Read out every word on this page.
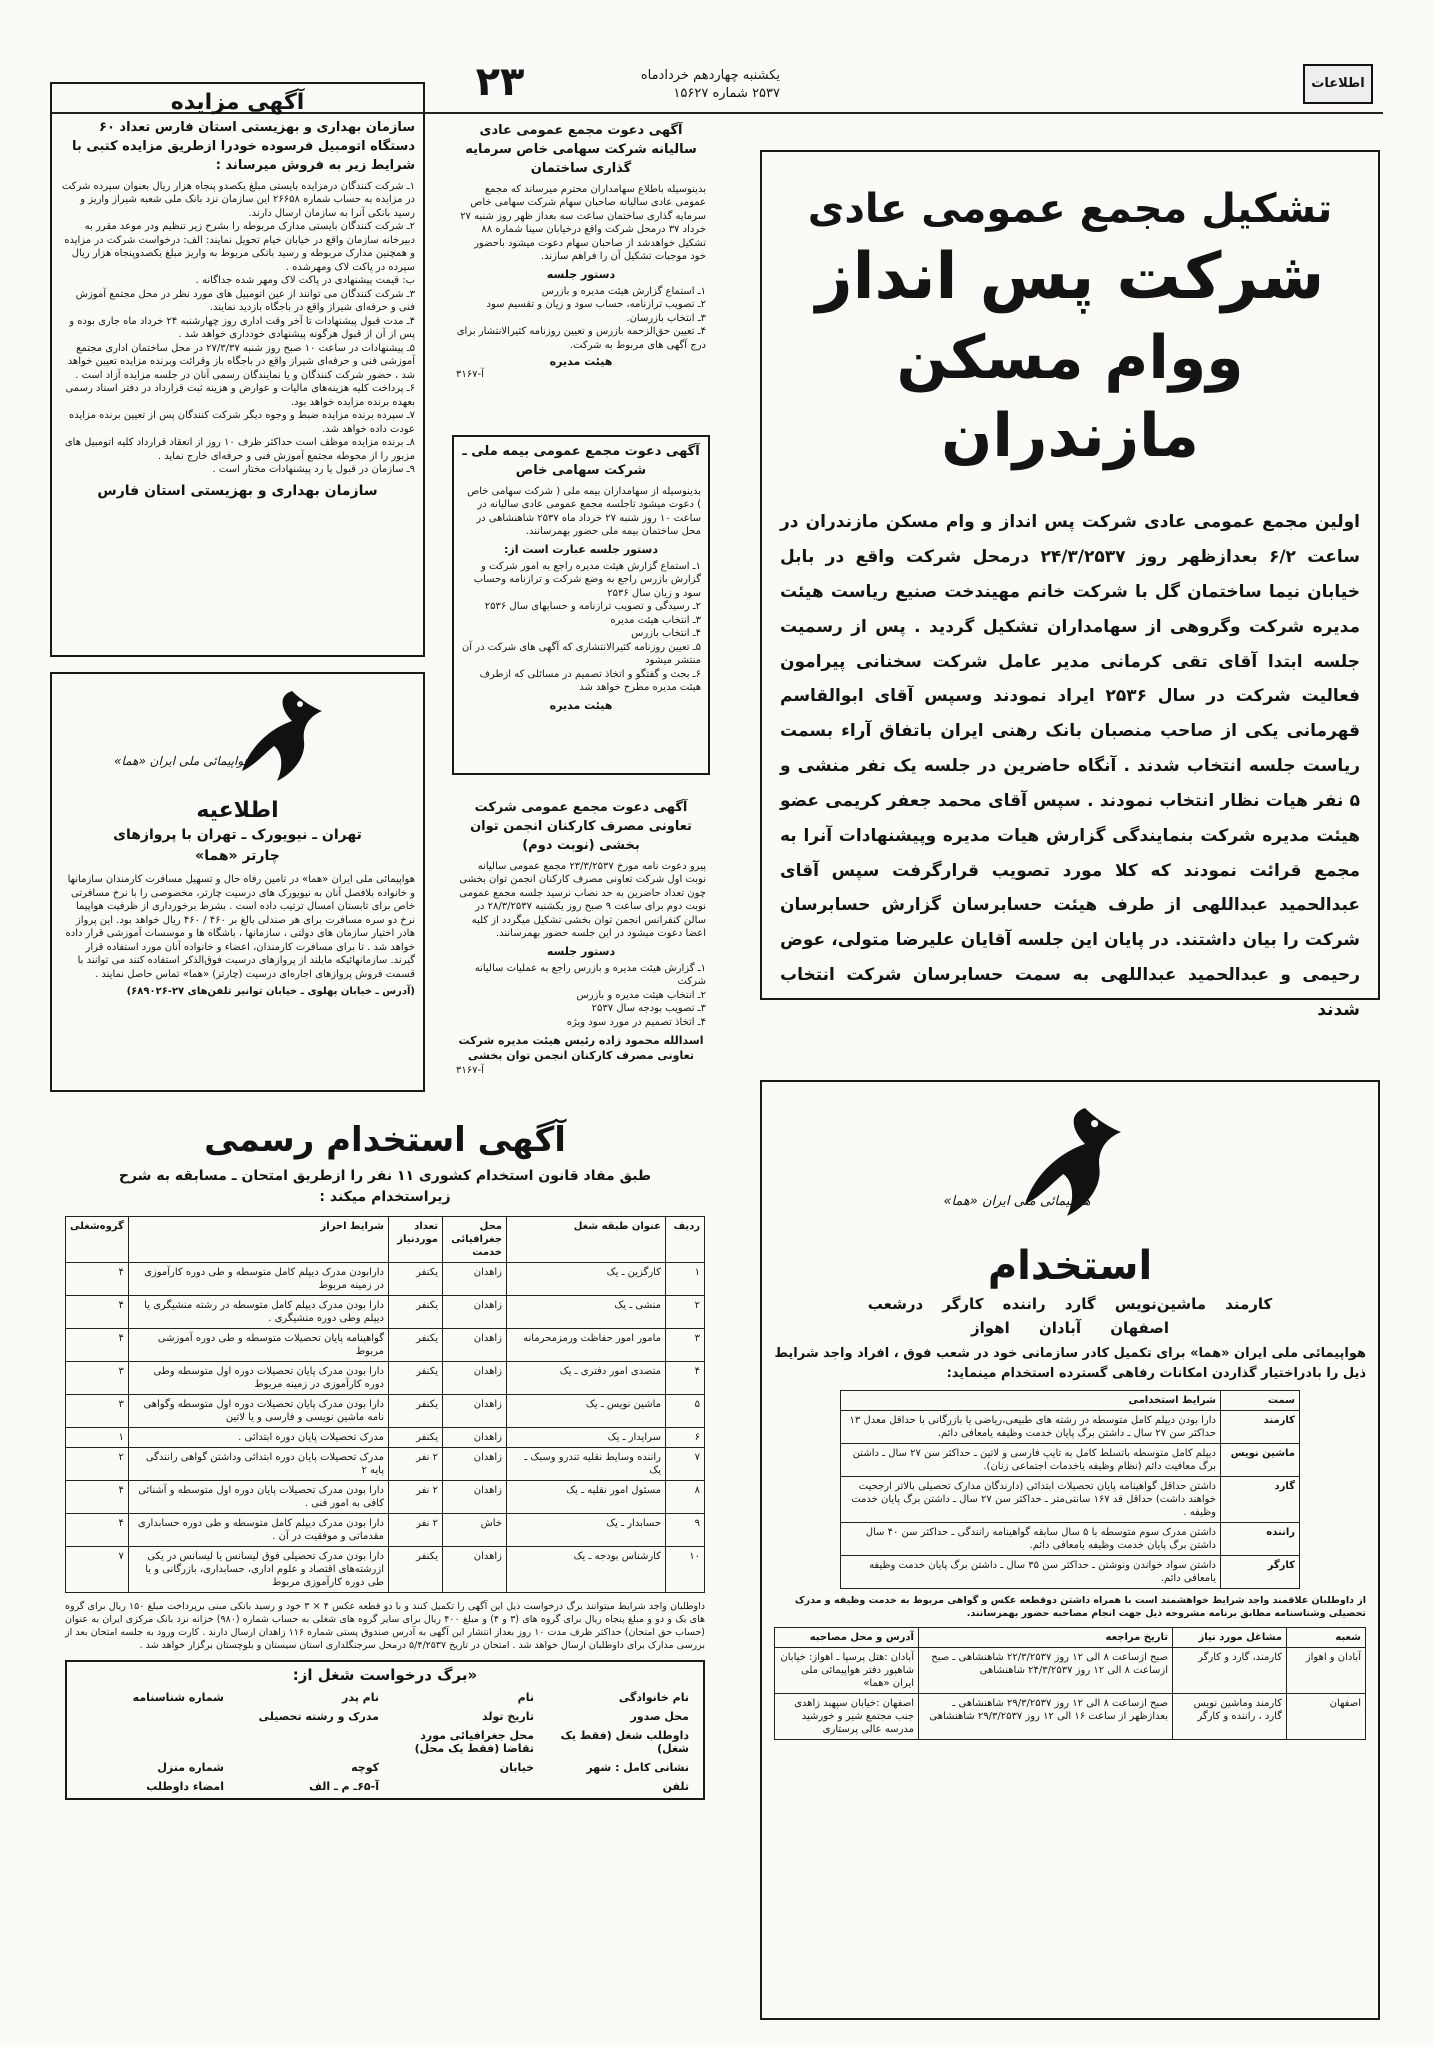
اطلاعات
یکشنبه چهاردهم خردادماه
۲۵۳۷ شماره ۱۵۶۲۷
۲۳
آگهی مزایده
سازمان بهداری و بهزیستی استان فارس تعداد ۶۰ دستگاه اتومبیل فرسوده خودرا ازطریق مزایده کتبی با شرایط زیر به فروش میرساند :
۱ـ شرکت کنندگان درمزایده بایستی مبلغ یکصدو پنجاه هزار ریال بعنوان سپرده شرکت در مزایده به حساب شماره ۲۶۶۵۸ این سازمان نزد بانک ملی شعبه شیراز واریز و رسید بانکی آنرا به سازمان ارسال دارند.
۲ـ شرکت کنندگان بایستی مدارک مربوطه را بشرح زیر تنظیم ودر موعد مقرر به دبیرخانه سازمان واقع در خیابان خیام تحویل نمایند: الف: درخواست شرکت در مزایده و همچنین مدارک مربوطه و رسید بانکی مربوط به واریز مبلغ یکصدوپنجاه هزار ریال سپرده در پاکت لاک ومهرشده .
ب: قیمت پیشنهادی در پاکت لاک ومهر شده جداگانه .
۳ـ شرکت کنندگان می توانند از عین اتومبیل های مورد نظر در محل مجتمع آموزش فنی و حرفه‌ای شیراز واقع در باجگاه بازدید نمایند.
۴ـ مدت قبول پیشنهادات تا آخر وقت اداری روز چهارشنبه ۲۴ خرداد ماه جاری بوده و پس از آن از قبول هرگونه پیشنهادی خودداری خواهد شد .
۵ـ پیشنهادات در ساعت ۱۰ صبح روز شنبه ۲۷/۳/۳۷ در محل ساختمان اداری مجتمع آموزشی فنی و حرفه‌ای شیراز واقع در باجگاه باز وقرائت وبرنده مزایده تعیین خواهد شد ، حضور شرکت کنندگان و یا نمایندگان رسمی آنان در جلسه مزایده آزاد است .
۶ـ پرداخت کلیه هزینه‌های مالیات و عوارض و هزینه ثبت قرارداد در دفتر اسناد رسمی بعهده برنده مزایده خواهد بود.
۷ـ سپرده برنده مزایده ضبط و وجوه دیگر شرکت کنندگان پس از تعیین برنده مزایده عودت داده خواهد شد.
۸ـ برنده مزایده موظف است حداکثر ظرف ۱۰ روز از انعقاد قرارداد کلیه اتومبیل های مزبور را از محوطه مجتمع آموزش فنی و حرفه‌ای خارج نماید .
۹ـ سازمان در قبول یا رد پیشنهادات مختار است .
سازمان بهداری و بهزیستی استان فارس
آگهی دعوت مجمع عمومی عادی سالیانه شرکت سهامی خاص سرمایه گذاری ساختمان
بدینوسیله باطلاع سهامداران محترم میرساند که مجمع عمومی عادی سالیانه صاحبان سهام شرکت سهامی خاص سرمایه گذاری ساختمان ساعت سه بعداز ظهر روز شنبه ۲۷ خرداد ۳۷ درمحل شرکت واقع درخیابان سینا شماره ۸۸ تشکیل خواهدشد از صاحبان سهام دعوت میشود باحضور خود موجبات تشکیل آن را فراهم سازند.
دستور جلسه
۱ـ استماع گزارش هیئت مدیره و بازرس
۲ـ تصویب ترازنامه، حساب سود و زیان و تقسیم سود
۳ـ انتخاب بازرسان.
۴ـ تعیین حق‌الزحمه بازرس و تعیین روزنامه کثیرالانتشار برای درج آگهی های مربوط به شرکت.
هیئت مدیره
آ-۳۱۶۷
آگهی دعوت مجمع عمومی بیمه ملی ـ شرکت سهامی خاص
بدینوسیله از سهامداران بیمه ملی ( شرکت سهامی خاص ) دعوت میشود تاجلسه مجمع عمومی عادی سالیانه در ساعت ۱۰ روز شنبه ۲۷ خرداد ماه ۲۵۳۷ شاهنشاهی در محل ساختمان بیمه ملی حضور بهمرسانند.
دستور جلسه عبارت است از:
۱ـ استماع گزارش هیئت مدیره راجع به امور شرکت و گزارش بازرس راجع به وضع شرکت و ترازنامه وحساب سود و زیان سال ۲۵۳۶
۲ـ رسیدگی و تصویب ترازنامه و حسابهای سال ۲۵۳۶
۳ـ انتخاب هیئت مدیره
۴ـ انتخاب بازرس
۵ـ تعیین روزنامه کثیرالانتشاری که آگهی های شرکت در آن منتشر میشود
۶ـ بحث و گفتگو و اتخاذ تصمیم در مسائلی که ازطرف هیئت مدیره مطرح خواهد شد
هیئت مدیره
آگهی دعوت مجمع عمومی شرکت تعاونی مصرف کارکنان انجمن توان بخشی (نوبت دوم)
پیرو دعوت نامه مورخ ۲۳/۳/۲۵۳۷ مجمع عمومی سالیانه نوبت اول شرکت تعاونی مصرف کارکنان انجمن توان بخشی چون تعداد حاضرین به حد نصاب نرسید جلسه مجمع عمومی نوبت دوم برای ساعت ۹ صبح روز یکشنبه ۲۸/۳/۲۵۳۷ در سالن کنفرانس انجمن توان بخشی تشکیل میگردد از کلیه اعضا دعوت میشود در این جلسه حضور بهمرسانند.
دستور جلسه
۱ـ گزارش هیئت مدیره و بازرس راجع به عملیات سالیانه شرکت
۲ـ انتخاب هیئت مدیره و بازرس
۳ـ تصویب بودجه سال ۲۵۳۷
۴ـ اتخاذ تصمیم در مورد سود ویژه
اسدالله محمود زاده رئیس هیئت مدیره شرکت تعاونی مصرف کارکنان انجمن توان بخشی
آ-۳۱۶۷
هواپیمائی ملی ایران «هما»
اطلاعیه
تهران ـ نیویورک ـ تهران با پروازهای چارتر «هما»
هواپیمائی ملی ایران «هما» در تامین رفاه حال و تسهیل مسافرت کارمندان سازمانها و خانواده بلافصل آنان به نیویورک های درسیت چارتر، مخصوصی را با نرخ مسافرتی خاص برای تابستان امسال ترتیب داده است . بشرط برخورداری از ظرفیت هواپیما نرخ دو سره مسافرت برای هر صندلی بالغ بر ۴۶۰ / ۴۶۰ ریال خواهد بود. این پرواز هادر اختیار سازمان های دولتی ، سازمانها ، باشگاه ها و موسسات آموزشی قرار داده خواهد شد . تا برای مسافرت کارمندان، اعضاء و خانواده آنان مورد استفاده قرار گیرند. سازمانهائیکه مایلند از پروازهای درسیت فوق‌الذکر استفاده کنند می توانند با قسمت فروش پروازهای اجاره‌ای درسیت (چارتر) «هما» تماس حاصل نمایند .
(آدرس ـ خیابان پهلوی ـ خیابان توانیر تلفن‌های ۲۷-۶۸۹۰۲۶)
تشکیل مجمع عمومی عادی
شرکت پس انداز
ووام مسکن مازندران
اولین مجمع عمومی عادی شرکت پس انداز و وام مسکن مازندران در ساعت ۶/۲ بعدازظهر روز ۲۴/۳/۲۵۳۷ درمحل شرکت واقع در بابل خیابان نیما ساختمان گل با شرکت خانم مهیندخت صنیع ریاست هیئت مدیره شرکت وگروهی از سهامداران تشکیل گردید . پس از رسمیت جلسه ابتدا آقای تقی کرمانی مدیر عامل شرکت سخنانی پیرامون فعالیت شرکت در سال ۲۵۳۶ ایراد نمودند وسپس آقای ابوالقاسم قهرمانی یکی از صاحب منصبان بانک رهنی ایران باتفاق آراء بسمت ریاست جلسه انتخاب شدند . آنگاه حاضرین در جلسه یک نفر منشی و ۵ نفر هیات نظار انتخاب نمودند . سپس آقای محمد جعفر کریمی عضو هیئت مدیره شرکت بنمایندگی گزارش هیات مدیره وپیشنهادات آنرا به مجمع قرائت نمودند که کلا مورد تصویب قرارگرفت سپس آقای عبدالحمید عبداللهی از طرف هیئت حسابرسان گزارش حسابرسان شرکت را بیان داشتند. در پایان این جلسه آقایان علیرضا متولی، عوض رحیمی و عبدالحمید عبداللهی به سمت حسابرسان شرکت انتخاب شدند
آگهی استخدام رسمی
طبق مفاد قانون استخدام کشوری ۱۱ نفر را ازطریق امتحان ـ مسابقه به شرح زیراستخدام میکند :
ردیف	عنوان طبقه شغل	محل جغرافیائی خدمت	تعداد موردنیاز	شرایط احراز	گروه‌شغلی
۱	کارگزین ـ یک	زاهدان	یکنفر	دارابودن مدرک دیپلم کامل متوسطه و طی دوره کارآموزی در زمینه مربوط	۴
۲	منشی ـ یک	زاهدان	یکنفر	دارا بودن مدرک دیپلم کامل متوسطه در رشته منشیگری یا دیپلم وطی دوره منشیگری .	۴
۳	مامور امور حفاظت ورمزمحرمانه	زاهدان	یکنفر	گواهینامه پایان تحصیلات متوسطه و طی دوره آموزشی مربوط	۴
۴	متصدی امور دفتری ـ یک	زاهدان	یکنفر	دارا بودن مدرک پایان تحصیلات دوره اول متوسطه وطی دوره کارآموزی در زمینه مربوط	۳
۵	ماشین نویس ـ یک	زاهدان	یکنفر	دارا بودن مدرک پایان تحصیلات دوره اول متوسطه وگواهی نامه ماشین نویسی و فارسی و یا لاتین	۳
۶	سرایدار ـ یک	زاهدان	یکنفر	مدرک تحصیلات پایان دوره ابتدائی .	۱
۷	راننده وسایط نقلیه تندرو وسبک ـ یک	زاهدان	۲ نفر	مدرک تحصیلات پایان دوره ابتدائی وداشتن گواهی رانندگی پایه ۲	۲
۸	مسئول امور نقلیه ـ یک	زاهدان	۲ نفر	دارا بودن مدرک تحصیلات پایان دوره اول متوسطه و آشنائی کافی به امور فنی .	۴
۹	حسابدار ـ یک	خاش	۲ نفر	دارا بودن مدرک دیپلم کامل متوسطه و طی دوره حسابداری مقدماتی و موفقیت در آن .	۴
۱۰	کارشناس بودجه ـ یک	زاهدان	یکنفر	دارا بودن مدرک تحصیلی فوق لیسانس یا لیسانس در یکی ازرشته‌های اقتصاد و علوم اداری، حسابداری، بازرگانی و یا طی دوره کارآموزی مربوط	۷
داوطلبان واجد شرایط میتوانند برگ درخواست ذیل این آگهی را تکمیل کنند و با دو قطعه عکس ۴ × ۳ خود و رسید بانکی مبنی برپرداخت مبلغ ۱۵۰ ریال برای گروه های یک و دو و مبلغ پنجاه ریال برای گروه های (۳ و ۴) و مبلغ ۴۰۰ ریال برای سایر گروه های شغلی به حساب شماره (۹۸۰) خزانه نزد بانک مرکزی ایران به عنوان (حساب حق امتحان) حداکثر ظرف مدت ۱۰ روز بعداز انتشار این آگهی به آدرس صندوق پستی شماره ۱۱۶ زاهدان ارسال دارند . کارت ورود به جلسه امتحان بعد از بررسی مدارک برای داوطلبان ارسال خواهد شد . امتحان در تاریخ ۵/۴/۲۵۳۷ درمحل سرجنگلداری استان سیستان و بلوچستان برگزار خواهد شد .
«برگ درخواست شغل از:
نام خانوادگی	نام	نام پدر	شماره شناسنامه
محل صدور	تاریخ تولد	مدرک و رشته تحصیلی	
داوطلب شغل (فقط یک شغل)	محل جغرافیائی مورد تقاضا (فقط یک محل)		
نشانی کامل : شهر	خیابان	کوچه	شماره منزل
تلفن		آ-۶۵ـ م ـ الف	امضاء داوطلب
هواپیمائی ملی ایران «هما»
استخدام
کارمند ماشین‌نویس گارد راننده کارگر درشعب
اصفهان آبادان اهواز
هواپیمائی ملی ایران «هما» برای تکمیل کادر سازمانی خود در شعب فوق ، افراد واجد شرایط ذیل را بادراختیار گذاردن امکانات رفاهی گسترده استخدام مینماید:
سمت	شرایط استخدامی
کارمند	دارا بودن دیپلم کامل متوسطه در رشته های طبیعی،ریاضی یا بازرگانی با حداقل معدل ۱۳ حداکثر سن ۲۷ سال ـ داشتن برگ پایان خدمت وظیفه یامعافی دائم.
ماشین نویس	دیپلم کامل متوسطه باتسلط کامل به تایپ فارسی و لاتین ـ حداکثر سن ۲۷ سال ـ داشتن برگ معافیت دائم (نظام وظیفه یاخدمات اجتماعی زنان).
گارد	داشتن حداقل گواهینامه پایان تحصیلات ابتدائی (دارندگان مدارک تحصیلی بالاتر ارجحیت خواهند داشت) حداقل قد ۱۶۷ سانتی‌متر ـ حداکثر سن ۲۷ سال ـ داشتن برگ پایان خدمت وظیفه .
راننده	داشتن مدرک سوم متوسطه با ۵ سال سابقه گواهینامه رانندگی ـ حداکثر سن ۴۰ سال داشتن برگ پایان خدمت وظیفه یامعافی دائم.
کارگر	داشتن سواد خواندن ونوشتن ـ حداکثر سن ۳۵ سال ـ داشتن برگ پایان خدمت وظیفه یامعافی دائم.
از داوطلبان علاقمند واجد شرایط خواهشمند است با همراه داشتن دوقطعه عکس و گواهی مربوط به خدمت وظیفه و مدرک تحصیلی وشناسنامه مطابق برنامه مشروحه ذیل جهت انجام مصاحبه حضور بهمرسانند.
شعبه	مشاغل مورد نیاز	تاریخ مراجعه	آدرس و محل مصاحبه
آبادان و اهواز	کارمند، گارد و کارگر	صبح ازساعت ۸ الی ۱۲ روز ۲۲/۳/۲۵۳۷ شاهنشاهی ـ صبح ازساعت ۸ الی ۱۲ روز ۲۴/۳/۲۵۳۷ شاهنشاهی	آبادان :هتل پرسپا ـ اهواز: خیابان شاهپور دفتر هواپیمائی ملی ایران «هما»
اصفهان	کارمند وماشین نویس گارد ، راننده و کارگر	صبح ازساعت ۸ الی ۱۲ روز ۲۹/۳/۲۵۳۷ شاهنشاهی ـ بعدازظهر از ساعت ۱۶ الی ۱۲ روز ۲۹/۳/۲۵۳۷ شاهنشاهی	اصفهان :خیابان سپهبد زاهدی جنب مجتمع شیر و خورشید مدرسه عالی پرستاری
